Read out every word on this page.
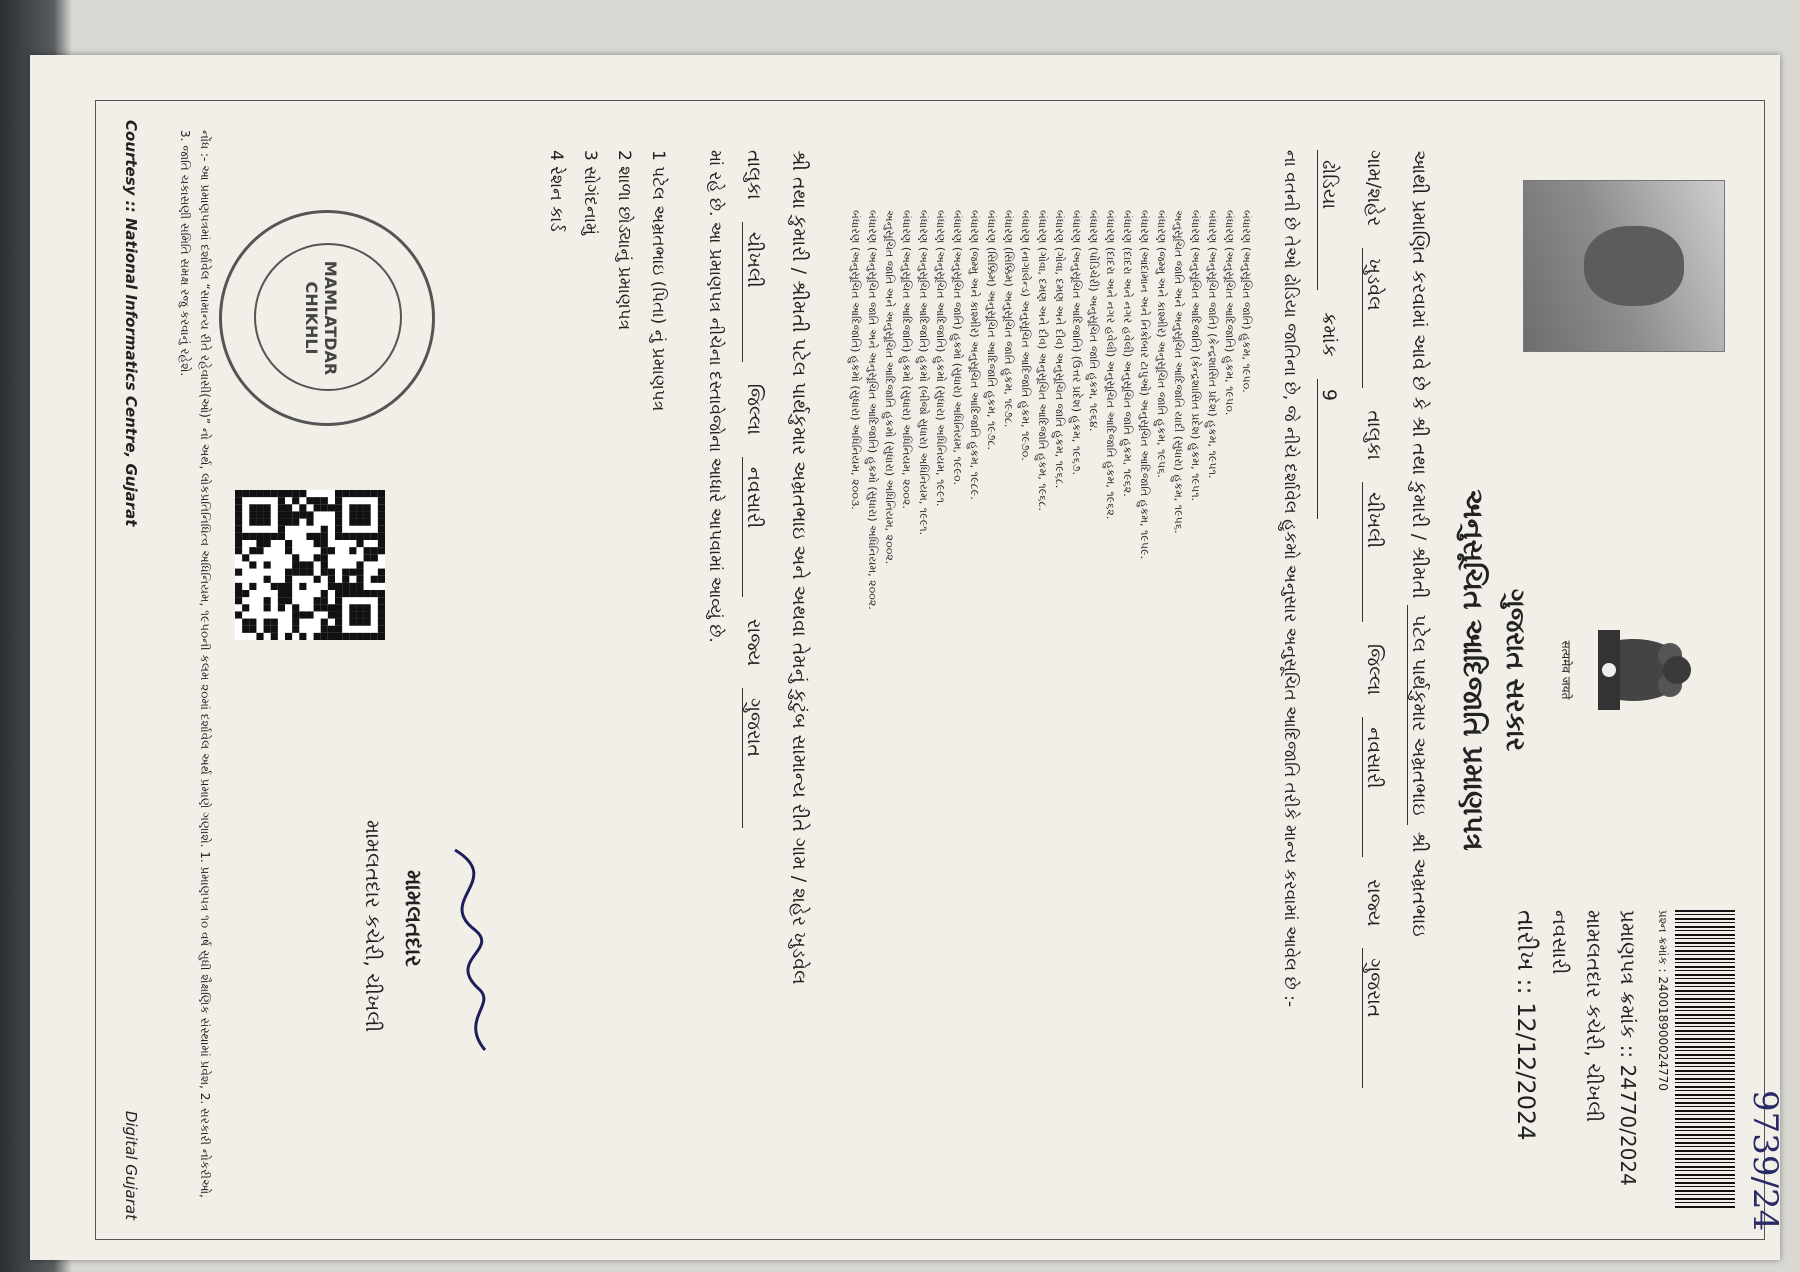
9739/24
सत्यमेव जयते
પ્રશ્ન ક્રમાંક : 240018900024770
પ્રમાણપત્ર ક્રમાંક :: 24770/2024
મામલતદાર કચેરી, ચીખલી
નવસારી
તારીખ :: 12/12/2024
ગુજરાત સરકાર
અનુસૂચિત આદિજાતિ પ્રમાણપત્ર
આથી પ્રમાણિત કરવામાં આવે છે કે શ્રી તથા કુમારી / શ્રીમતી પટેલ પાર્થકુમાર અમ્રતભાઇ શ્રી અમ્રતભાઇ
ગામ/શહેર
ખુડવેલ
તાલુકા
ચીખલી
જિલ્લા
નવસારી
રાજ્ય
ગુજરાત
ઢોડિયા
ક્રમાંક
9
ના વતની છે તેઓ ઢોડિયા જાતિના છે, જે નીચે દર્શાવેલ હુકમો અનુસાર અનુસૂચિત આદિજાતિ તરીકે માન્ય કરવામાં આવેલ છે :-
બંધારણ (અનુસૂચિત જાતિ) હુકમ, ૧૯૫૦.
બંધારણ (અનુસૂચિત આદિજાતિ) હુકમ, ૧૯૫૦.
બંધારણ (અનુસૂચિત જાતિ) (કેન્દ્રશાસિત પ્રદેશ) હુકમ, ૧૯૫૧.
બંધારણ (અનુસૂચિત આદિજાતિ) (કેન્દ્રશાસિત પ્રદેશ) હુકમ, ૧૯૫૧.
અનુસૂચિત જાતિ અને અનુસૂચિત આદિજાતિ યાદી (સુધારા) હુકમ, ૧૯૫૬.
બંધારણ (જમ્મુ અને કાશ્મીર) અનુસૂચિત જાતિ હુકમ, ૧૯૫૬.
બંધારણ (આંદામાન અને નિકોબાર ટાપુઓ) અનુસૂચિત આદિજાતિ હુકમ, ૧૯૫૯.
બંધારણ (દાદરા અને નગર હવેલી) અનુસૂચિત જાતિ હુકમ, ૧૯૬૨.
બંધારણ (દાદરા અને નગર હવેલી) અનુસૂચિત આદિજાતિ હુકમ, ૧૯૬૨.
બંધારણ (પોંડિચેરી) અનુસૂચિત જાતિ હુકમ, ૧૯૬૪.
બંધારણ (અનુસૂચિત આદિજાતિ) (ઉત્તર પ્રદેશ) હુકમ, ૧૯૬૭.
બંધારણ (ગોવા, દમણ અને દીવ) અનુસૂચિત જાતિ હુકમ, ૧૯૬૮.
બંધારણ (ગોવા, દમણ અને દીવ) અનુસૂચિત આદિજાતિ હુકમ, ૧૯૬૮.
બંધારણ (નાગાલેન્ડ) અનુસૂચિત આદિજાતિ હુકમ, ૧૯૭૦.
બંધારણ (સિક્કિમ) અનુસૂચિત જાતિ હુકમ, ૧૯૭૮.
બંધારણ (સિક્કિમ) અનુસૂચિત આદિજાતિ હુકમ, ૧૯૭૮.
બંધારણ (જમ્મુ અને કાશ્મીર) અનુસૂચિત આદિજાતિ હુકમ, ૧૯૮૯.
બંધારણ (અનુસૂચિત જાતિ) હુકમો (સુધારા) અધિનિયમ, ૧૯૯૦.
બંધારણ (અનુસૂચિત આદિજાતિ) હુકમો (સુધારા) અધિનિયમ, ૧૯૯૧.
બંધારણ (અનુસૂચિત આદિજાતિ) હુકમો (બીજો સુધારા) અધિનિયમ, ૧૯૯૧.
બંધારણ (અનુસૂચિત આદિજાતિ) હુકમો (સુધારા) અધિનિયમ, ૨૦૦૨.
અનુસૂચિત જાતિ અને અનુસૂચિત આદિજાતિ હુકમો (સુધારા) અધિનિયમ, ૨૦૦૨.
બંધારણ (અનુસૂચિત જાતિ અને અનુસૂચિત આદિજાતિ) હુકમો (સુધારા) અધિનિયમ, ૨૦૦૨.
બંધારણ (અનુસૂચિત આદિજાતિ) હુકમો (સુધારા) અધિનિયમ, ૨૦૦૩.
શ્રી તથા કુમારી / શ્રીમતી પટેલ પાર્થકુમાર અમ્રતભાઇ અને અથવા તેમનું કુટુંબ સામાન્ય રીતે ગામ / શહેર ખુડવેલ
તાલુકા
ચીખલી
જિલ્લા
નવસારી
રાજ્ય
ગુજરાત
માં રહે છે. આ પ્રમાણપત્ર નીચેના દસ્તાવેજોના આધારે આપવામાં આવ્યું છે.
1 પટેલ અમ્રતભાઇ (પિતા) નું પ્રમાણપત્ર
2 શાળા છોડ્યાનું પ્રમાણપત્ર
3 સોગંદનામું
4 રેશન કાર્ડ
મામલતદાર
મામલતદાર કચેરી, ચીખલી
MAMLATDAR CHIKHLI
નોંધ :- આ પ્રમાણપત્રમાં દર્શાવેલ “સામાન્ય રીતે રહેવાસી(ઓ)” નો અર્થ, લોકપ્રતિનિધિત્વ અધિનિયમ, ૧૯૫૦ની કલમ ૨૦માં દર્શાવેલ અર્થ પ્રમાણે ગણાશે. 1. પ્રમાણપત્ર ૧૦ વર્ષ સુધી શૈક્ષણિક સંસ્થામાં પ્રવેશ, 2. સરકારી નોકરીઓ, 3. જાતિ ચકાસણી સમિતિ સમક્ષ રજુ કરવાનું રહેશે.
Courtesy :: National Informatics Centre, Gujarat
Digital Gujarat
